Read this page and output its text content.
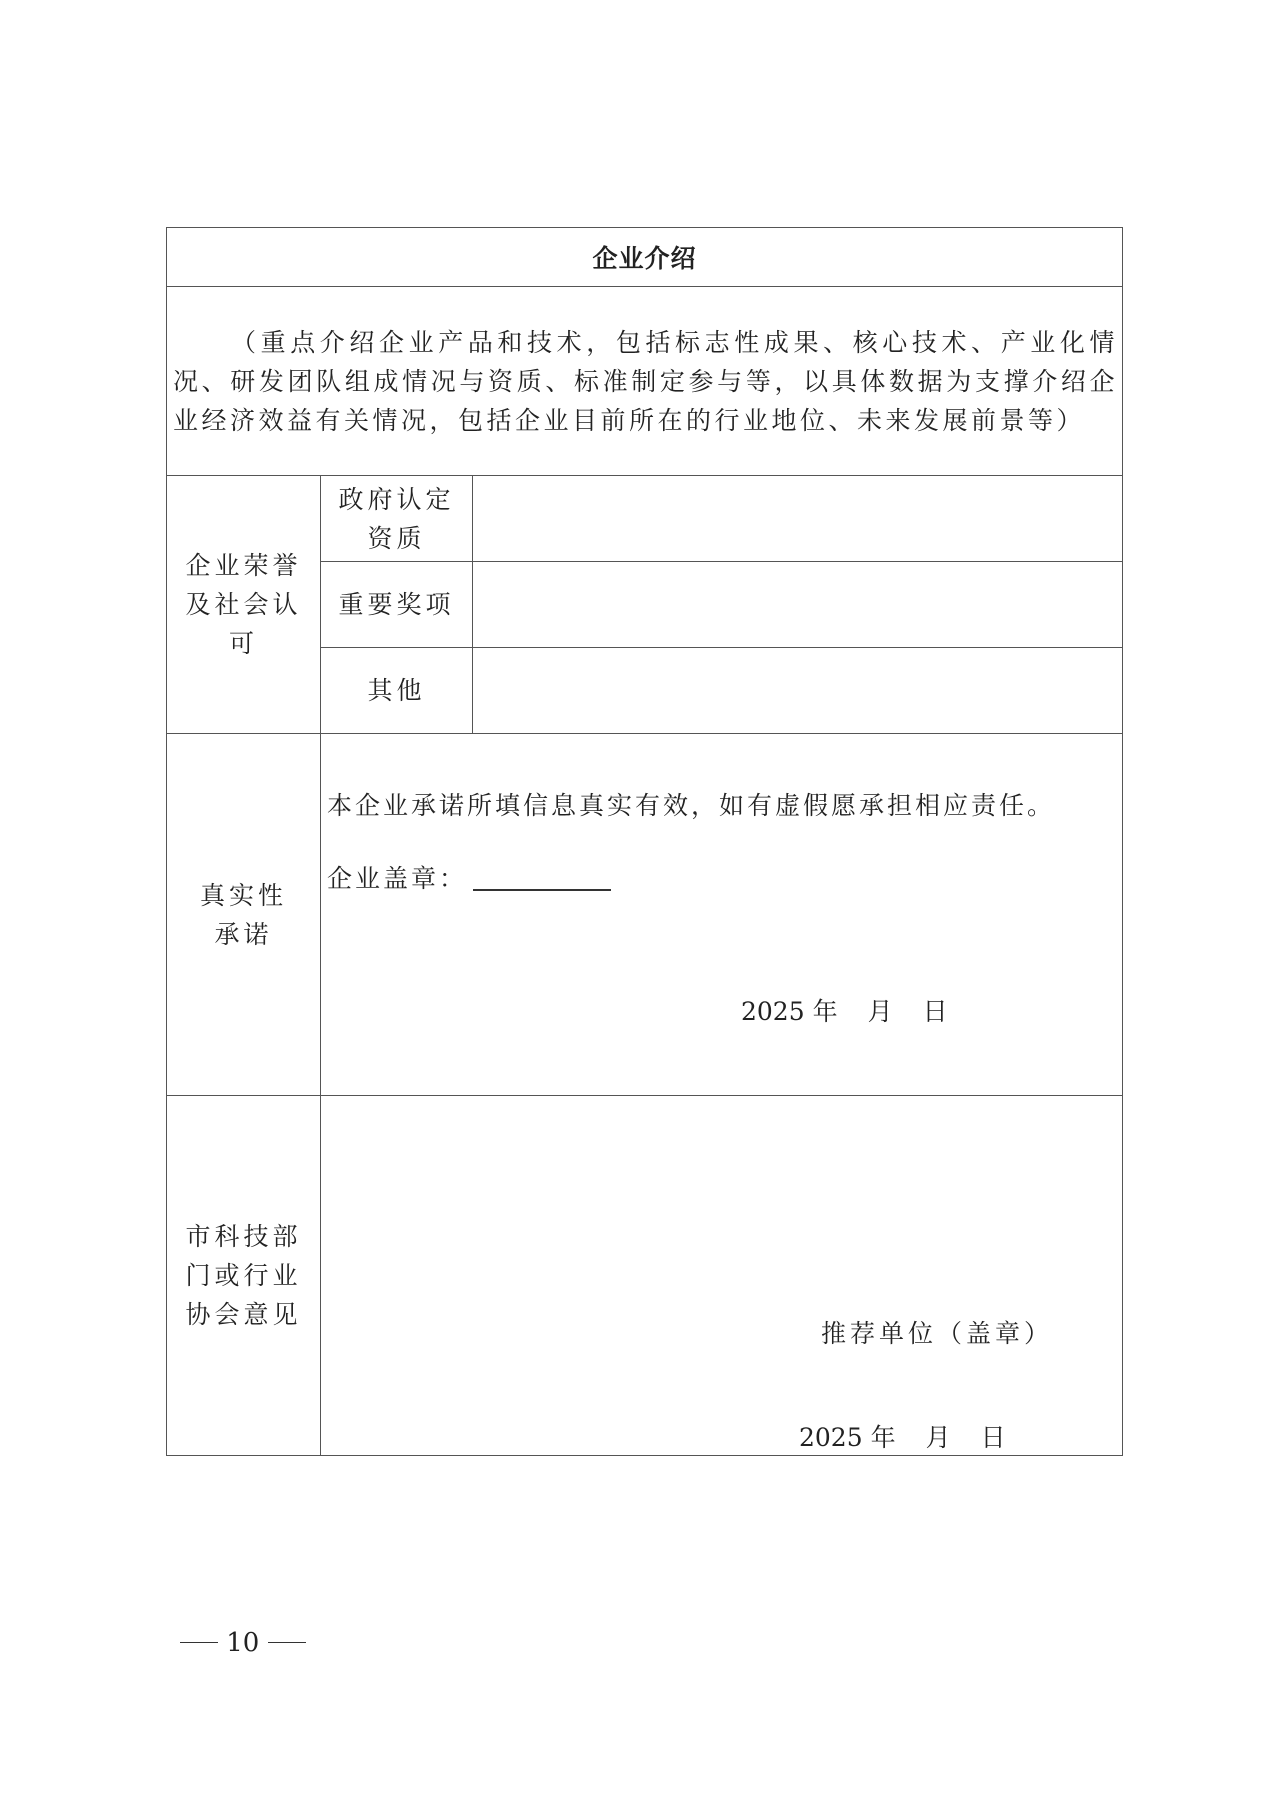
企业介绍		

（重点介绍企业产品和技术，包括标志性成果、核心技术、产业化情况、研发团队组成情况与资质、标准制定参与等，以具体数据为支撑介绍企业经济效益有关情况，包括企业目前所在的行业地位、未来发展前景等）		

企业荣誉及社会认可	政府认定资质	

	重要奖项	
	其他	

真实性承诺	本企业承诺所填信息真实有效，如有虚假愿承担相应责任。
企业盖章：
2025 年 月 日	

市科技部门或行业协会意见	推荐单位（盖章）
2025 年 月 日	
10
